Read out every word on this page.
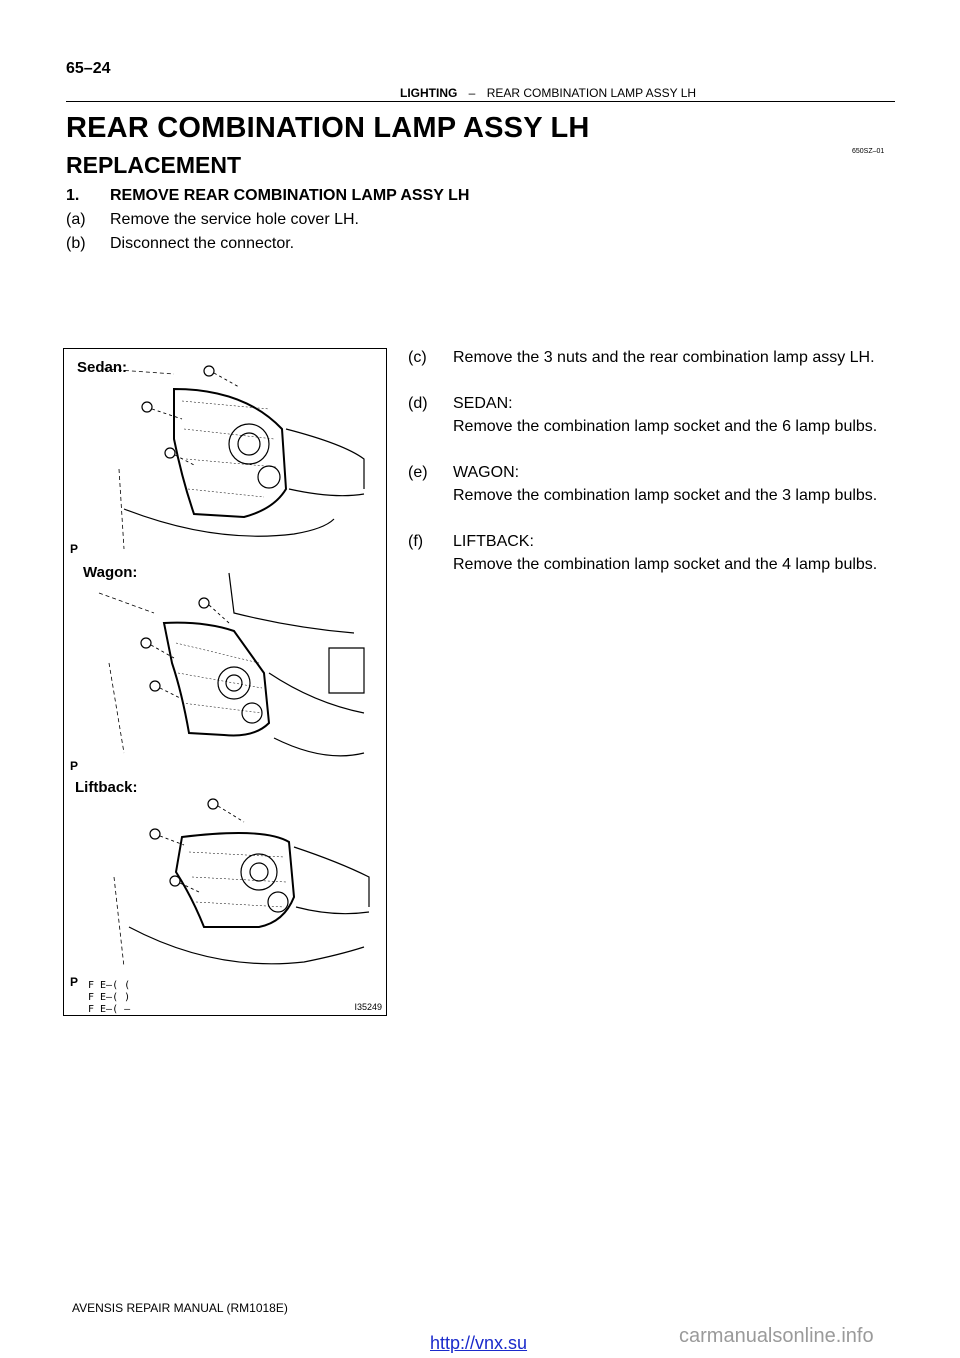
65–24
LIGHTING – REAR COMBINATION LAMP ASSY LH
REAR COMBINATION LAMP ASSY LH
650SZ–01
REPLACEMENT
1. REMOVE REAR COMBINATION LAMP ASSY LH
(a) Remove the service hole cover LH.
(b) Disconnect the connector.
Sedan:
Wagon:
Liftback:
P
P
P F E–( (
F E–( )
F E–( –	I35249
(c) Remove the 3 nuts and the rear combination lamp assy LH.
(d) SEDAN:
Remove the combination lamp socket and the 6 lamp bulbs.
(e) WAGON:
Remove the combination lamp socket and the 3 lamp bulbs.
(f) LIFTBACK:
Remove the combination lamp socket and the 4 lamp bulbs.
AVENSIS REPAIR MANUAL (RM1018E)
http://vnx.su	carmanualsonline.info
